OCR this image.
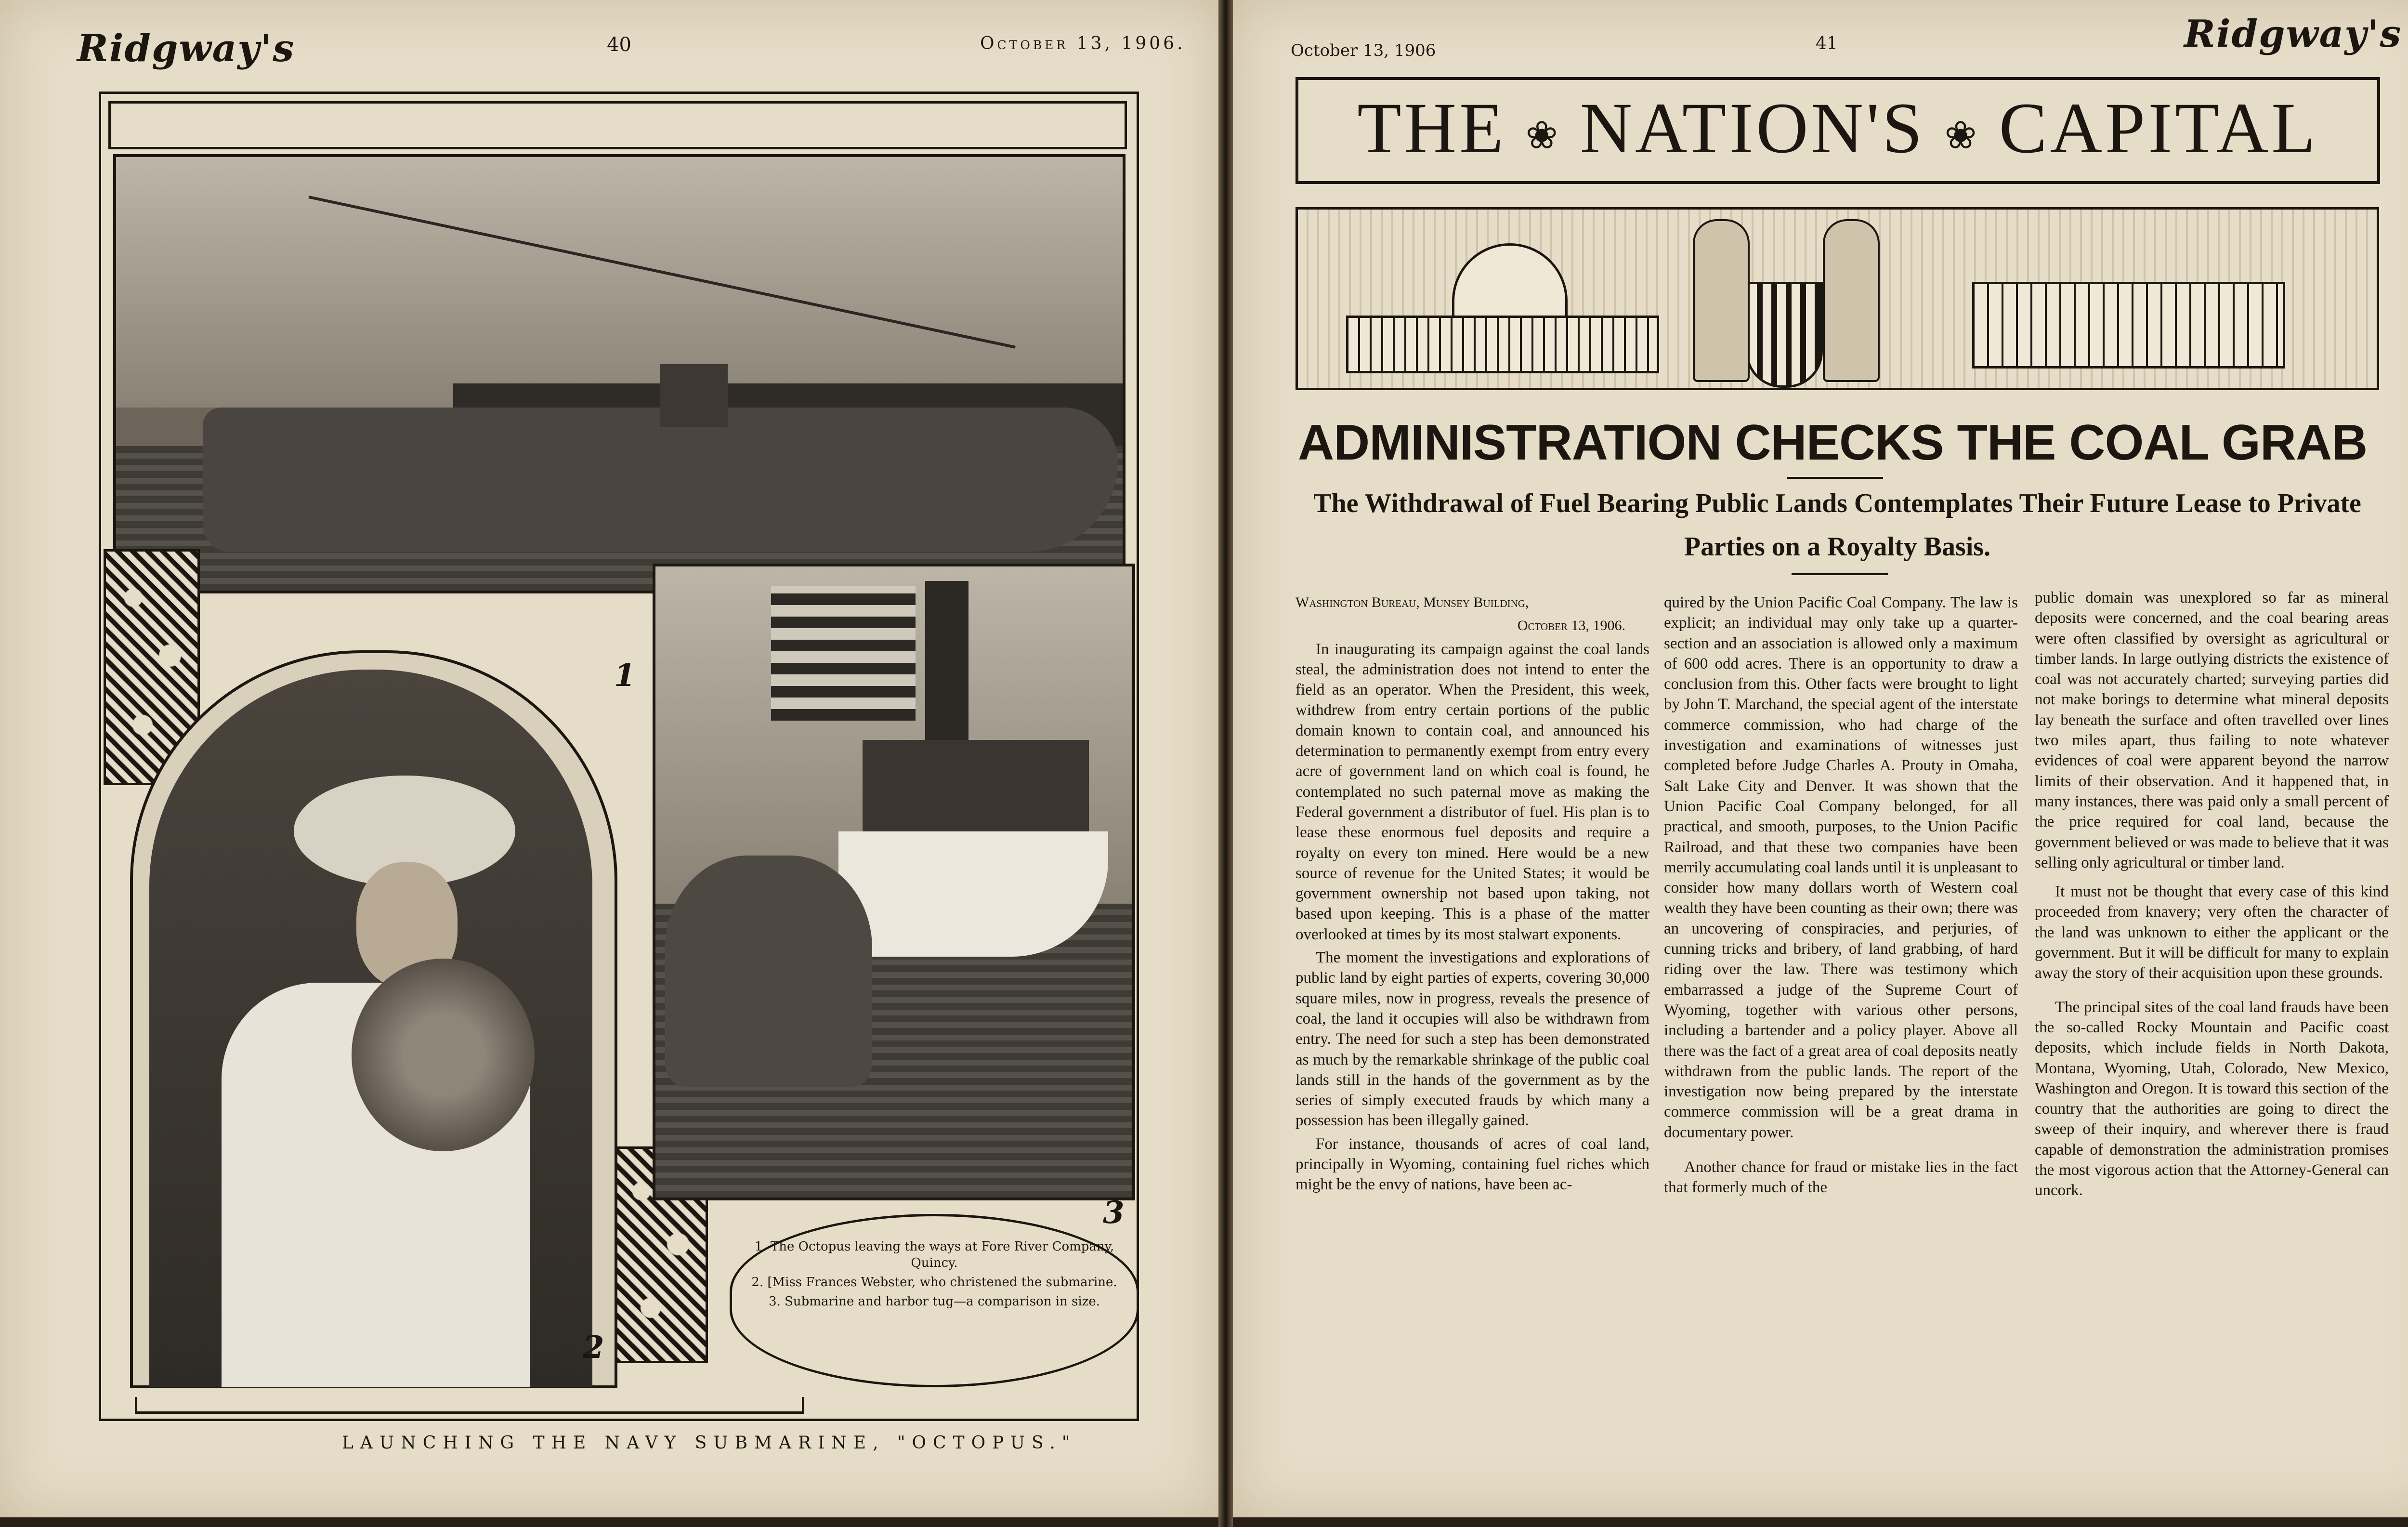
Ridgway's	40	October 13, 1906.
1
2
3
1. The Octopus leaving the ways at Fore River Company, Quincy.
2. [Miss Frances Webster, who christened the submarine.
3. Submarine and harbor tug—a comparison in size.
LAUNCHING THE NAVY SUBMARINE, "OCTOPUS."
October 13, 1906	41	Ridgway's
THE ❀ NATION'S ❀ CAPITAL
ADMINISTRATION CHECKS THE COAL GRAB
The Withdrawal of Fuel Bearing Public Lands Contemplates Their Future Lease to Private Parties on a Royalty Basis.

Washington Bureau, Munsey Building,

October 13, 1906.

In inaugurating its campaign against the coal lands steal, the administration does not intend to enter the field as an operator. When the President, this week, withdrew from entry certain portions of the public domain known to contain coal, and announced his determination to permanently exempt from entry every acre of government land on which coal is found, he contemplated no such paternal move as making the Federal government a distributor of fuel. His plan is to lease these enormous fuel deposits and require a royalty on every ton mined. Here would be a new source of revenue for the United States; it would be government ownership not based upon taking, not based upon keeping. This is a phase of the matter overlooked at times by its most stalwart exponents.

The moment the investigations and explorations of public land by eight parties of experts, covering 30,000 square miles, now in progress, reveals the presence of coal, the land it occupies will also be withdrawn from entry. The need for such a step has been demonstrated as much by the remarkable shrinkage of the public coal lands still in the hands of the government as by the series of simply executed frauds by which many a possession has been illegally gained.

For instance, thousands of acres of coal land, principally in Wyoming, containing fuel riches which might be the envy of nations, have been ac-

quired by the Union Pacific Coal Company. The law is explicit; an individual may only take up a quarter-section and an association is allowed only a maximum of 600 odd acres. There is an opportunity to draw a conclusion from this. Other facts were brought to light by John T. Marchand, the special agent of the interstate commerce commission, who had charge of the investigation and examinations of witnesses just completed before Judge Charles A. Prouty in Omaha, Salt Lake City and Denver. It was shown that the Union Pacific Coal Company belonged, for all practical, and smooth, purposes, to the Union Pacific Railroad, and that these two companies have been merrily accumulating coal lands until it is unpleasant to consider how many dollars worth of Western coal wealth they have been counting as their own; there was an uncovering of conspiracies, and perjuries, of cunning tricks and bribery, of land grabbing, of hard riding over the law. There was testimony which embarrassed a judge of the Supreme Court of Wyoming, together with various other persons, including a bartender and a policy player. Above all there was the fact of a great area of coal deposits neatly withdrawn from the public lands. The report of the investigation now being prepared by the interstate commerce commission will be a great drama in documentary power.

Another chance for fraud or mistake lies in the fact that formerly much of the

public domain was unexplored so far as mineral deposits were concerned, and the coal bearing areas were often classified by oversight as agricultural or timber lands. In large outlying districts the existence of coal was not accurately charted; surveying parties did not make borings to determine what mineral deposits lay beneath the surface and often travelled over lines two miles apart, thus failing to note whatever evidences of coal were apparent beyond the narrow limits of their observation. And it happened that, in many instances, there was paid only a small percent of the price required for coal land, because the government believed or was made to believe that it was selling only agricultural or timber land.

It must not be thought that every case of this kind proceeded from knavery; very often the character of the land was unknown to either the applicant or the government. But it will be difficult for many to explain away the story of their acquisition upon these grounds.

The principal sites of the coal land frauds have been the so-called Rocky Mountain and Pacific coast deposits, which include fields in North Dakota, Montana, Wyoming, Utah, Colorado, New Mexico, Washington and Oregon. It is toward this section of the country that the authorities are going to direct the sweep of their inquiry, and wherever there is fraud capable of demonstration the administration promises the most vigorous action that the Attorney-General can uncork.
